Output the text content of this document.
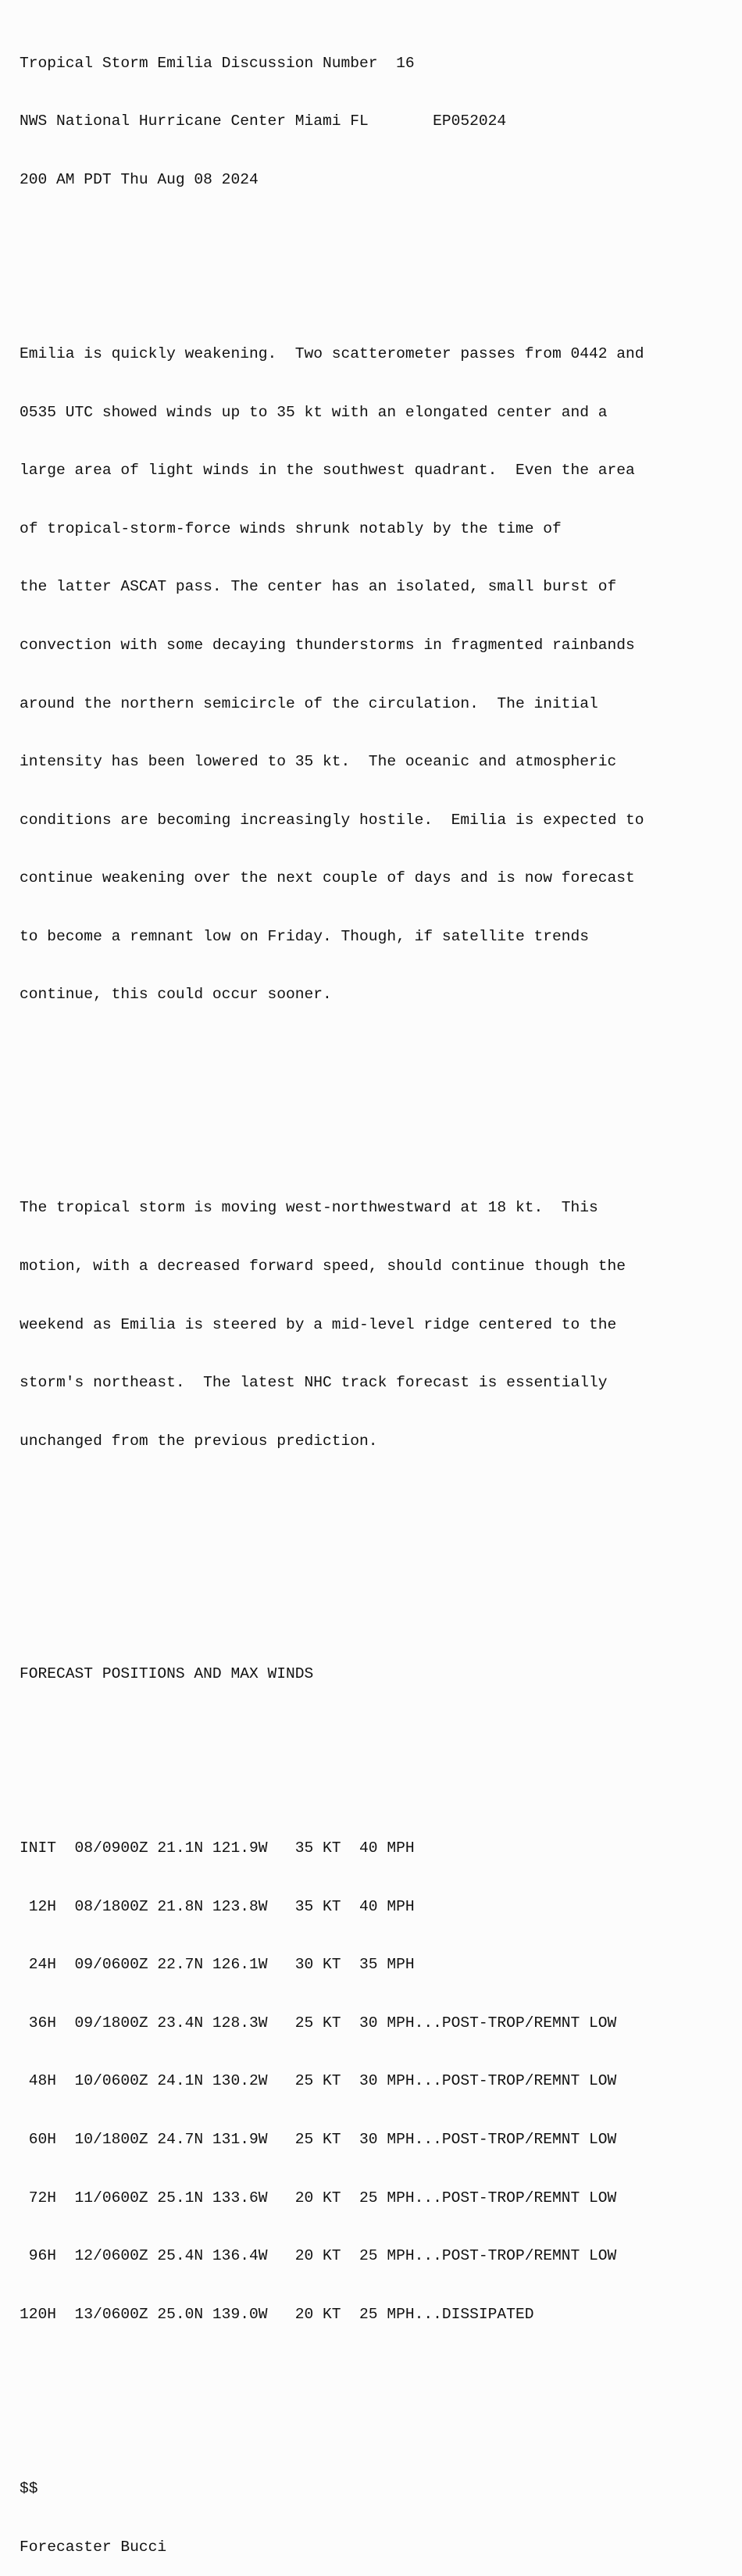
Tropical Storm Emilia Discussion Number  16

NWS National Hurricane Center Miami FL       EP052024

200 AM PDT Thu Aug 08 2024

Emilia is quickly weakening.  Two scatterometer passes from 0442 and

0535 UTC showed winds up to 35 kt with an elongated center and a

large area of light winds in the southwest quadrant.  Even the area

of tropical-storm-force winds shrunk notably by the time of

the latter ASCAT pass. The center has an isolated, small burst of

convection with some decaying thunderstorms in fragmented rainbands

around the northern semicircle of the circulation.  The initial

intensity has been lowered to 35 kt.  The oceanic and atmospheric

conditions are becoming increasingly hostile.  Emilia is expected to

continue weakening over the next couple of days and is now forecast

to become a remnant low on Friday. Though, if satellite trends

continue, this could occur sooner.

The tropical storm is moving west-northwestward at 18 kt.  This

motion, with a decreased forward speed, should continue though the

weekend as Emilia is steered by a mid-level ridge centered to the

storm's northeast.  The latest NHC track forecast is essentially

unchanged from the previous prediction.

FORECAST POSITIONS AND MAX WINDS

INIT  08/0900Z 21.1N 121.9W   35 KT  40 MPH

12H  08/1800Z 21.8N 123.8W   35 KT  40 MPH

24H  09/0600Z 22.7N 126.1W   30 KT  35 MPH

36H  09/1800Z 23.4N 128.3W   25 KT  30 MPH...POST-TROP/REMNT LOW

48H  10/0600Z 24.1N 130.2W   25 KT  30 MPH...POST-TROP/REMNT LOW

60H  10/1800Z 24.7N 131.9W   25 KT  30 MPH...POST-TROP/REMNT LOW

72H  11/0600Z 25.1N 133.6W   20 KT  25 MPH...POST-TROP/REMNT LOW

96H  12/0600Z 25.4N 136.4W   20 KT  25 MPH...POST-TROP/REMNT LOW

120H  13/0600Z 25.0N 139.0W   20 KT  25 MPH...DISSIPATED

$$

Forecaster Bucci
